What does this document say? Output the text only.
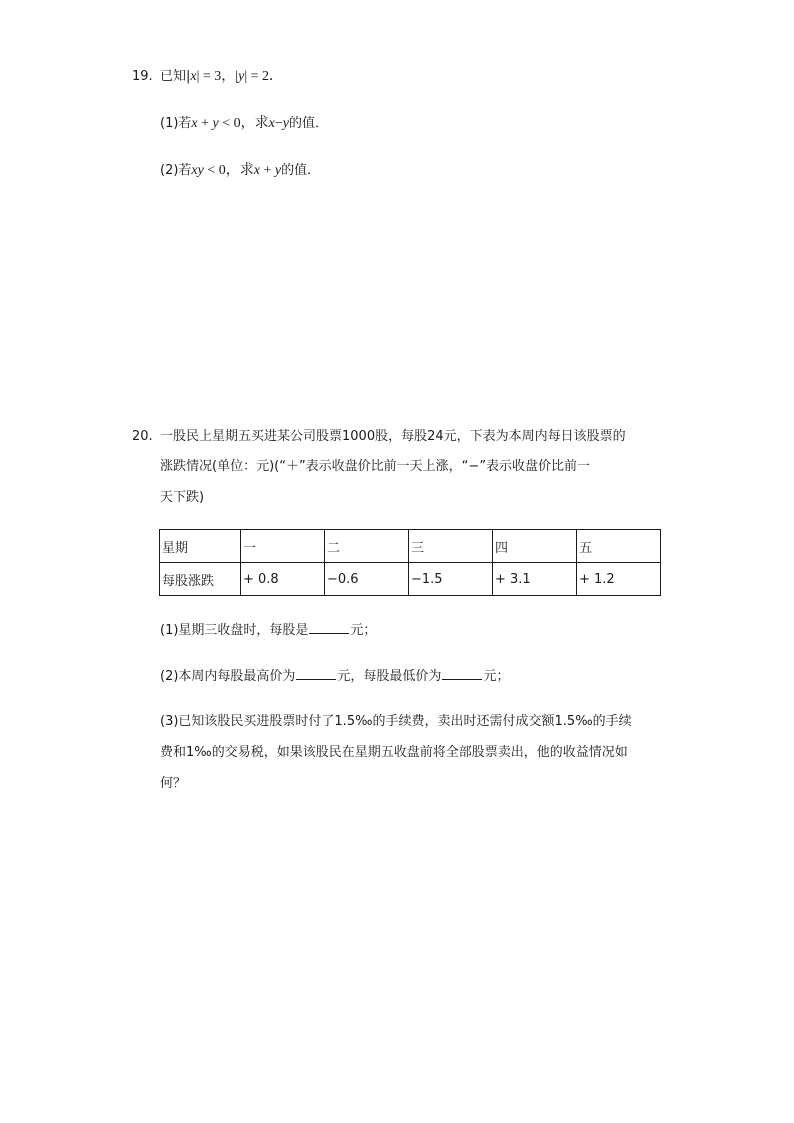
19. 已知|x| = 3，|y| = 2．
(1)若x + y < 0，求x−y的值．
(2)若xy < 0，求x + y的值．
20. 一股民上星期五买进某公司股票1000股，每股24元，下表为本周内每日该股票的
涨跌情况(单位：元)(“＋”表示收盘价比前一天上涨，“−”表示收盘价比前一
天下跌)
星期	一	二	三	四	五
每股涨跌	+ 0.8	−0.6	−1.5	+ 3.1	+ 1.2
(1)星期三收盘时，每股是	元；
(2)本周内每股最高价为	元，每股最低价为	元；
(3)已知该股民买进股票时付了1.5‰的手续费，卖出时还需付成交额1.5‰的手续
费和1‰的交易税，如果该股民在星期五收盘前将全部股票卖出，他的收益情况如
何？
